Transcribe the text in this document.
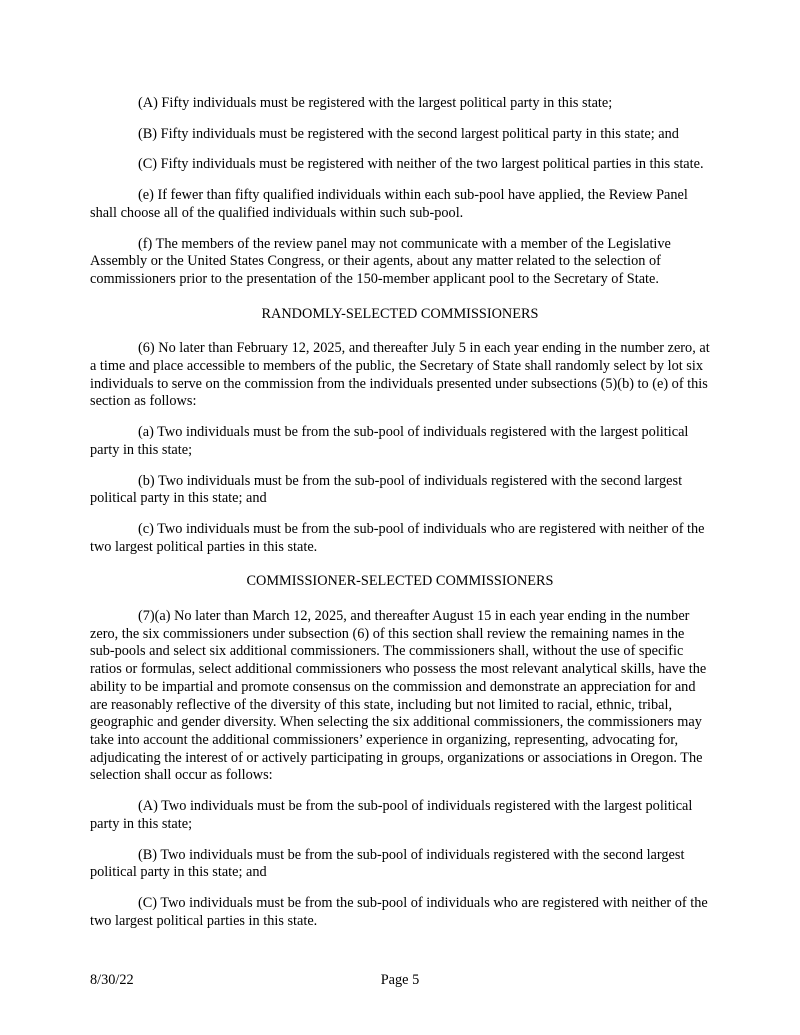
(A) Fifty individuals must be registered with the largest political party in this state;

(B) Fifty individuals must be registered with the second largest political party in this state; and

(C) Fifty individuals must be registered with neither of the two largest political parties in this state.

(e) If fewer than fifty qualified individuals within each sub-pool have applied, the Review Panel shall choose all of the qualified individuals within such sub-pool.

(f) The members of the review panel may not communicate with a member of the Legislative Assembly or the United States Congress, or their agents, about any matter related to the selection of commissioners prior to the presentation of the 150-member applicant pool to the Secretary of State.

RANDOMLY-SELECTED COMMISSIONERS

(6) No later than February 12, 2025, and thereafter July 5 in each year ending in the number zero, at a time and place accessible to members of the public, the Secretary of State shall randomly select by lot six individuals to serve on the commission from the individuals presented under subsections (5)(b) to (e) of this section as follows:

(a) Two individuals must be from the sub-pool of individuals registered with the largest political party in this state;

(b) Two individuals must be from the sub-pool of individuals registered with the second largest political party in this state; and

(c) Two individuals must be from the sub-pool of individuals who are registered with neither of the two largest political parties in this state.

COMMISSIONER-SELECTED COMMISSIONERS

(7)(a) No later than March 12, 2025, and thereafter August 15 in each year ending in the number zero, the six commissioners under subsection (6) of this section shall review the remaining names in the sub-pools and select six additional commissioners. The commissioners shall, without the use of specific ratios or formulas, select additional commissioners who possess the most relevant analytical skills, have the ability to be impartial and promote consensus on the commission and demonstrate an appreciation for and are reasonably reflective of the diversity of this state, including but not limited to racial, ethnic, tribal, geographic and gender diversity. When selecting the six additional commissioners, the commissioners may take into account the additional commissioners’ experience in organizing, representing, advocating for, adjudicating the interest of or actively participating in groups, organizations or associations in Oregon. The selection shall occur as follows:

(A) Two individuals must be from the sub-pool of individuals registered with the largest political party in this state;

(B) Two individuals must be from the sub-pool of individuals registered with the second largest political party in this state; and

(C) Two individuals must be from the sub-pool of individuals who are registered with neither of the two largest political parties in this state.

8/30/22	Page 5
